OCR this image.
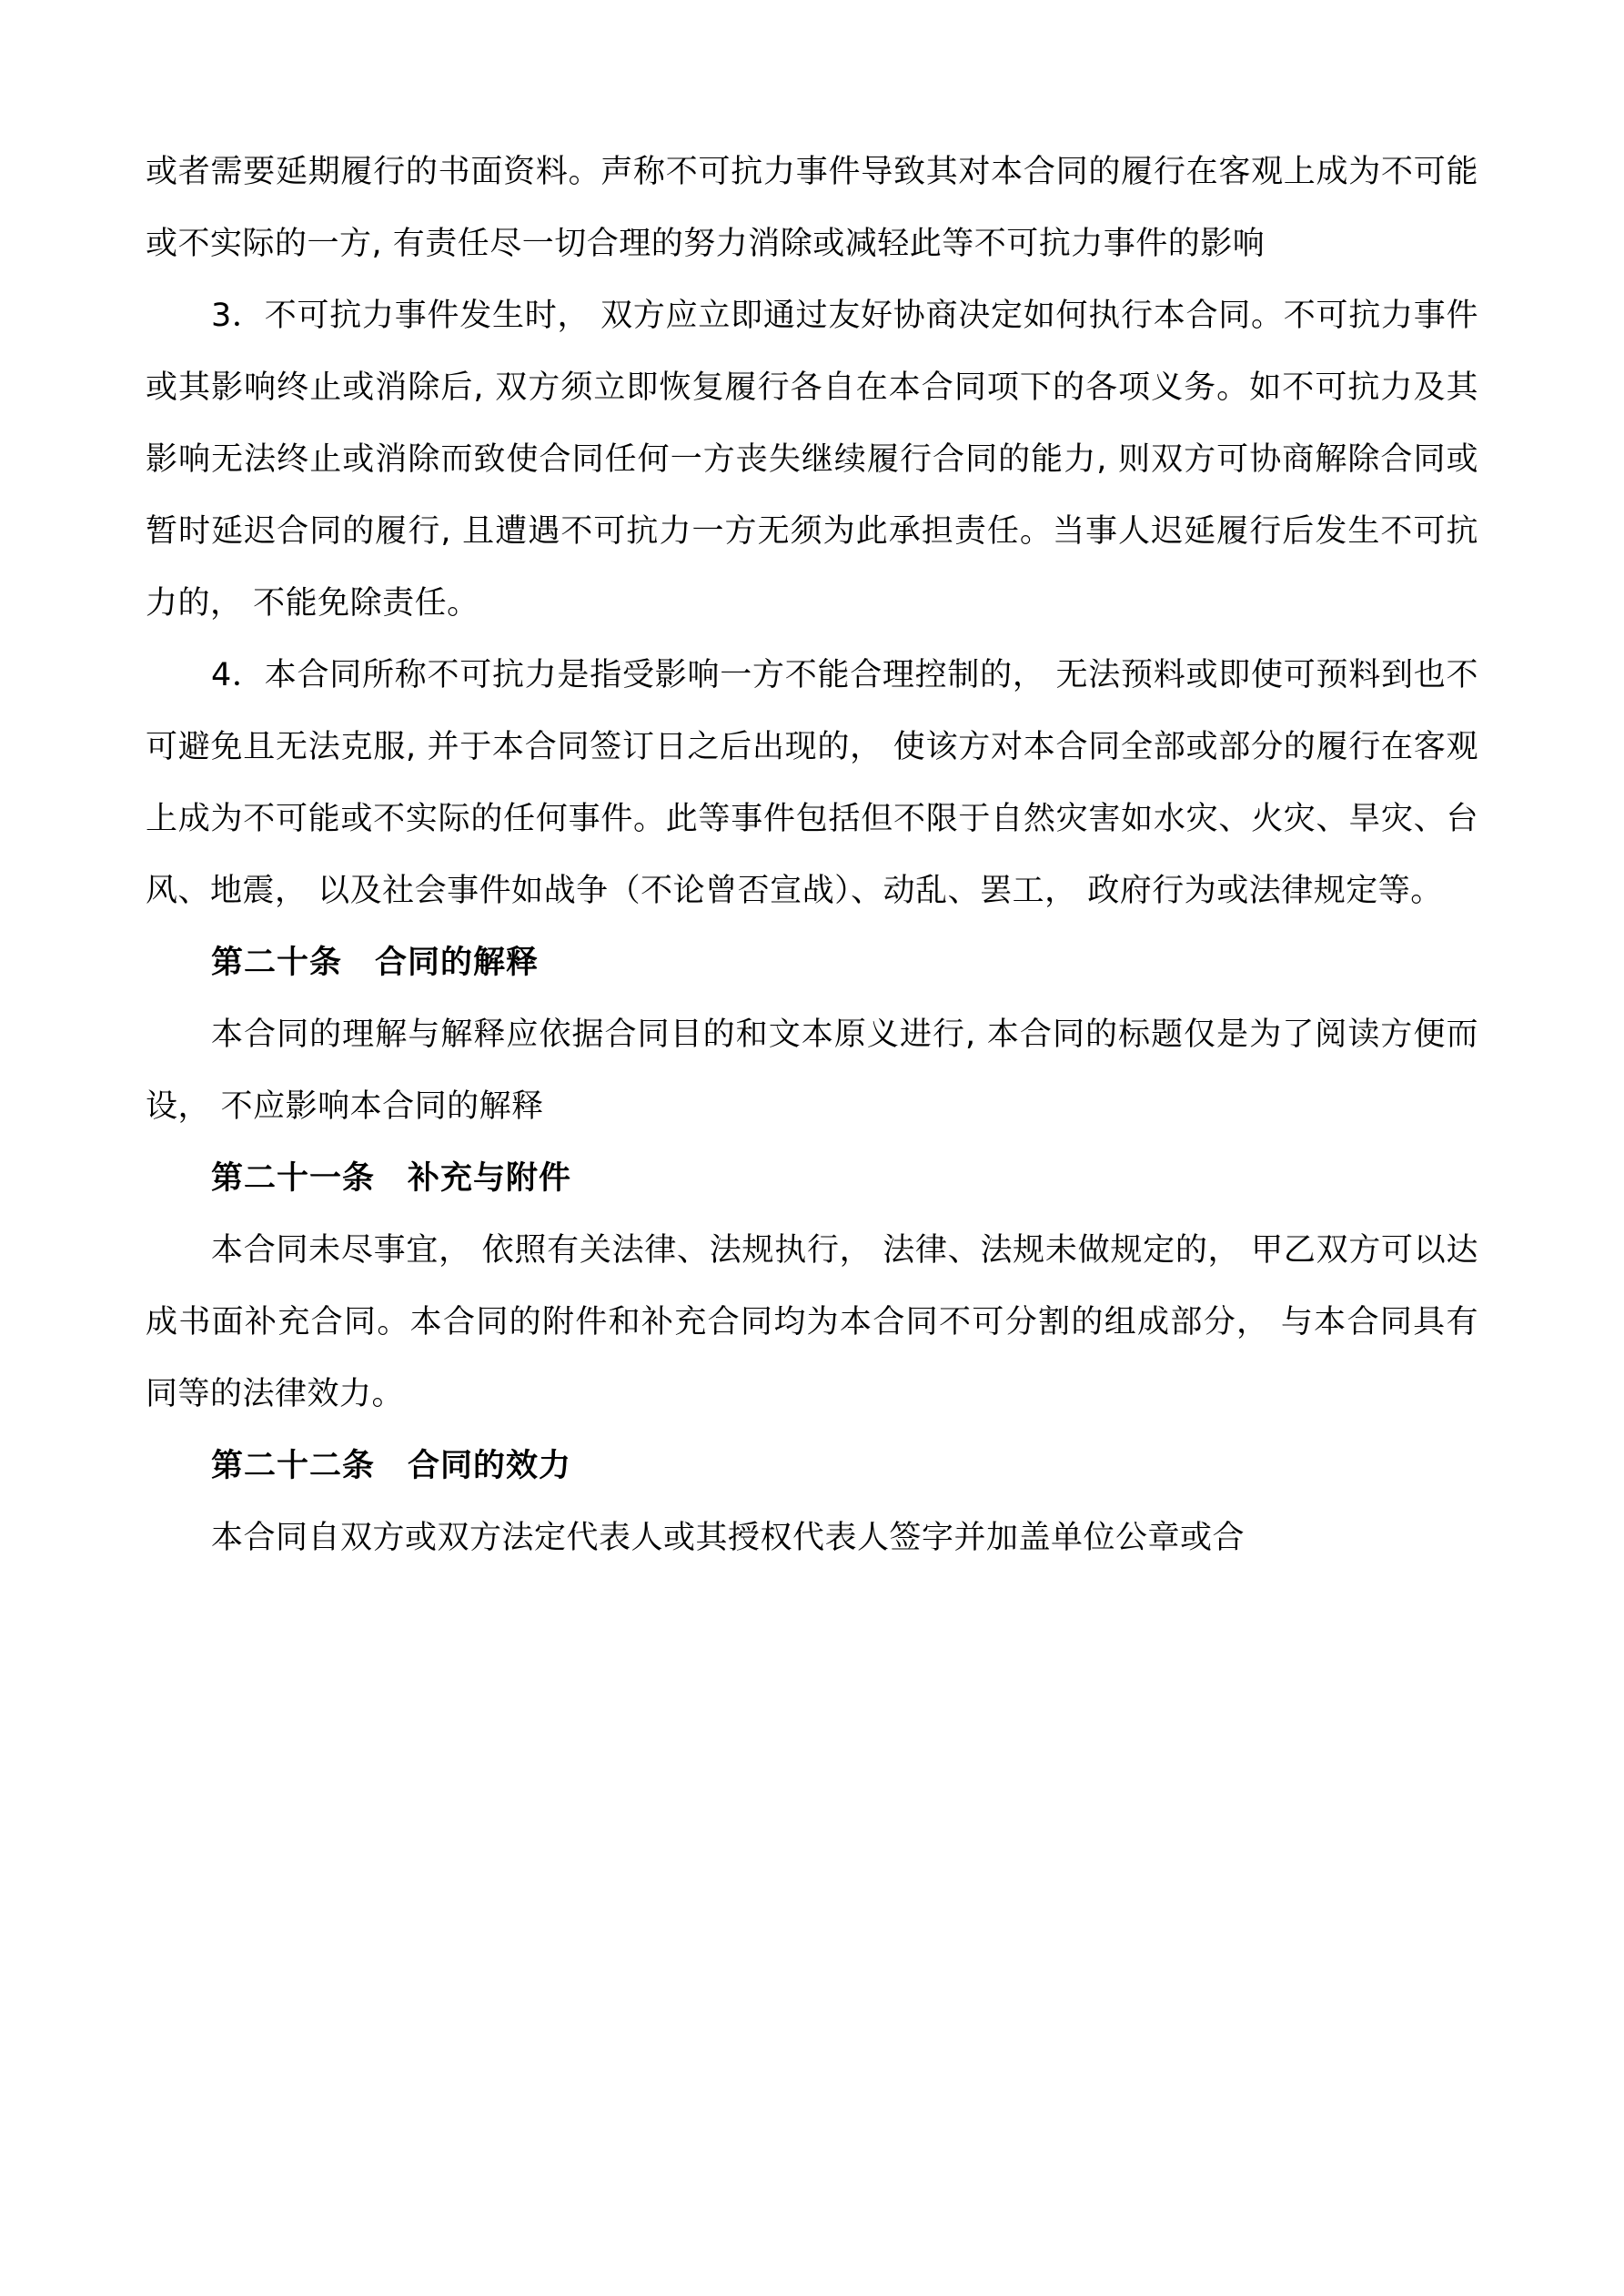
或者需要延期履行的书面资料。声称不可抗力事件导致其对本合同的履行在客观上成为不可能或不实际的一方, 有责任尽一切合理的努力消除或减轻此等不可抗力事件的影响

3．不可抗力事件发生时， 双方应立即通过友好协商决定如何执行本合同。不可抗力事件或其影响终止或消除后, 双方须立即恢复履行各自在本合同项下的各项义务。如不可抗力及其影响无法终止或消除而致使合同任何一方丧失继续履行合同的能力, 则双方可协商解除合同或暂时延迟合同的履行, 且遭遇不可抗力一方无须为此承担责任。当事人迟延履行后发生不可抗力的， 不能免除责任。

4．本合同所称不可抗力是指受影响一方不能合理控制的， 无法预料或即使可预料到也不可避免且无法克服, 并于本合同签订日之后出现的， 使该方对本合同全部或部分的履行在客观上成为不可能或不实际的任何事件。此等事件包括但不限于自然灾害如水灾、火灾、旱灾、台风、地震， 以及社会事件如战争（不论曾否宣战）、动乱、罢工， 政府行为或法律规定等。

第二十条　合同的解释

本合同的理解与解释应依据合同目的和文本原义进行, 本合同的标题仅是为了阅读方便而设， 不应影响本合同的解释

第二十一条　补充与附件

本合同未尽事宜， 依照有关法律、法规执行， 法律、法规未做规定的， 甲乙双方可以达成书面补充合同。本合同的附件和补充合同均为本合同不可分割的组成部分， 与本合同具有同等的法律效力。

第二十二条　合同的效力

本合同自双方或双方法定代表人或其授权代表人签字并加盖单位公章或合
